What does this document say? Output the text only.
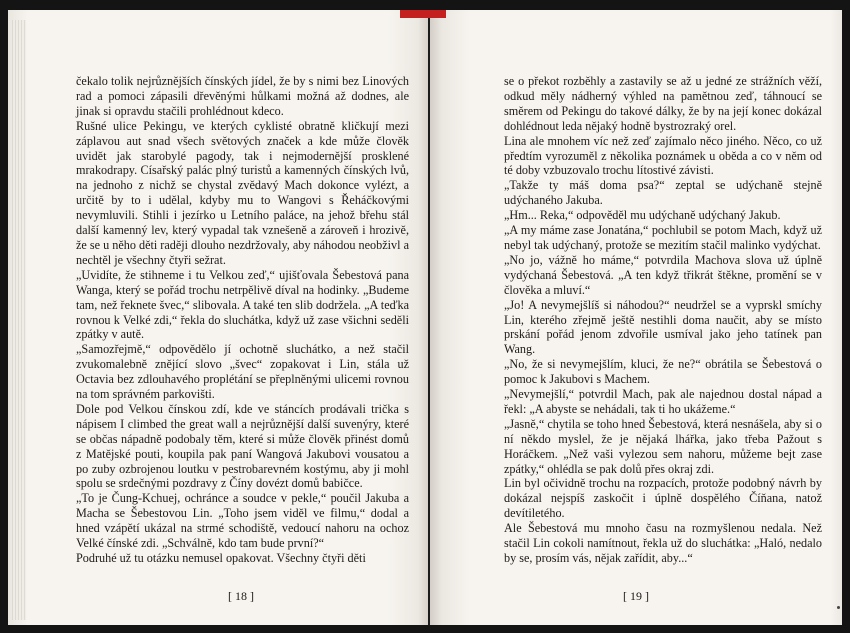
čekalo tolik nejrůznějších čínských jídel, že by s nimi bez Linových rad a pomoci zápasili dřevěnými hůlkami možná až dodnes, ale jinak si opravdu stačili prohlédnout kdeco.

Rušné ulice Pekingu, ve kterých cyklisté obratně kličkují mezi záplavou aut snad všech světových značek a kde může člověk uvidět jak starobylé pagody, tak i nejmodernější prosklené mrakodrapy. Císařský palác plný turistů a kamenných čínských lvů, na jednoho z nichž se chystal zvědavý Mach dokonce vylézt, a určitě by to i udělal, kdyby mu to Wangovi s Řeháčkovými nevymluvili. Stihli i jezírko u Letního paláce, na jehož břehu stál další kamenný lev, který vypadal tak vznešeně a zároveň i hrozivě, že se u něho děti raději dlouho nezdržovaly, aby náhodou neobživl a nechtěl je všechny čtyři sežrat.

„Uvidíte, že stihneme i tu Velkou zeď,“ ujišťovala Šebestová pana Wanga, který se pořád trochu netrpělivě díval na hodinky. „Budeme tam, než řeknete švec,“ slibovala. A také ten slib dodržela. „A teďka rovnou k Velké zdi,“ řekla do sluchátka, když už zase všichni seděli zpátky v autě.

„Samozřejmě,“ odpovědělo jí ochotně sluchátko, a než stačil zvukomalebně znějící slovo „švec“ zopakovat i Lin, stála už Octavia bez zdlouhavého proplétání se přeplněnými ulicemi rovnou na tom správném parkovišti.

Dole pod Velkou čínskou zdí, kde ve stáncích prodávali trička s nápisem I climbed the great wall a nejrůznější další suvenýry, které se občas nápadně podobaly těm, které si může člověk přinést domů z Matějské pouti, koupila pak paní Wangová Jakubovi vousatou a po zuby ozbrojenou loutku v pestrobarevném kostýmu, aby ji mohl spolu se srdečnými pozdravy z Číny dovézt domů babičce.

„To je Čung-Kchuej, ochránce a soudce v pekle,“ poučil Jakuba a Macha se Šebestovou Lin. „Toho jsem viděl ve filmu,“ dodal a hned vzápětí ukázal na strmé schodiště, vedoucí nahoru na ochoz Velké čínské zdi. „Schválně, kdo tam bude první?“

Podruhé už tu otázku nemusel opakovat. Všechny čtyři děti

[ 18 ]

se o překot rozběhly a zastavily se až u jedné ze strážních věží, odkud měly nádherný výhled na pamětnou zeď, táhnoucí se směrem od Pekingu do takové dálky, že by na její konec dokázal dohlédnout leda nějaký hodně bystrozraký orel.

Lina ale mnohem víc než zeď zajímalo něco jiného. Něco, co už předtím vyrozuměl z několika poznámek u oběda a co v něm od té doby vzbuzovalo trochu lítostivé závisti.

„Takže ty máš doma psa?“ zeptal se udýchaně stejně udýchaného Jakuba.

„Hm... Reka,“ odpověděl mu udýchaně udýchaný Jakub.

„A my máme zase Jonatána,“ pochlubil se potom Mach, když už nebyl tak udýchaný, protože se mezitím stačil malinko vydýchat.

„No jo, vážně ho máme,“ potvrdila Machova slova už úplně vydýchaná Šebestová. „A ten když třikrát štěkne, promění se v člověka a mluví.“

„Jo! A nevymejšlíš si náhodou?“ neudržel se a vyprskl smíchy Lin, kterého zřejmě ještě nestihli doma naučit, aby se místo prskání pořád jenom zdvořile usmíval jako jeho tatínek pan Wang.

„No, že si nevymejšlím, kluci, že ne?“ obrátila se Šebestová o pomoc k Jakubovi s Machem.

„Nevymejšlí,“ potvrdil Mach, pak ale najednou dostal nápad a řekl: „A abyste se nehádali, tak ti ho ukážeme.“

„Jasně,“ chytila se toho hned Šebestová, která nesnášela, aby si o ní někdo myslel, že je nějaká lhářka, jako třeba Pažout s Horáčkem. „Než vaši vylezou sem nahoru, můžeme bejt zase zpátky,“ ohlédla se pak dolů přes okraj zdi.

Lin byl očividně trochu na rozpacích, protože podobný návrh by dokázal nejspíš zaskočit i úplně dospělého Číňana, natož devítiletého.

Ale Šebestová mu mnoho času na rozmyšlenou nedala. Než stačil Lin cokoli namítnout, řekla už do sluchátka: „Haló, nedalo by se, prosím vás, nějak zařídit, aby...“

[ 19 ]
